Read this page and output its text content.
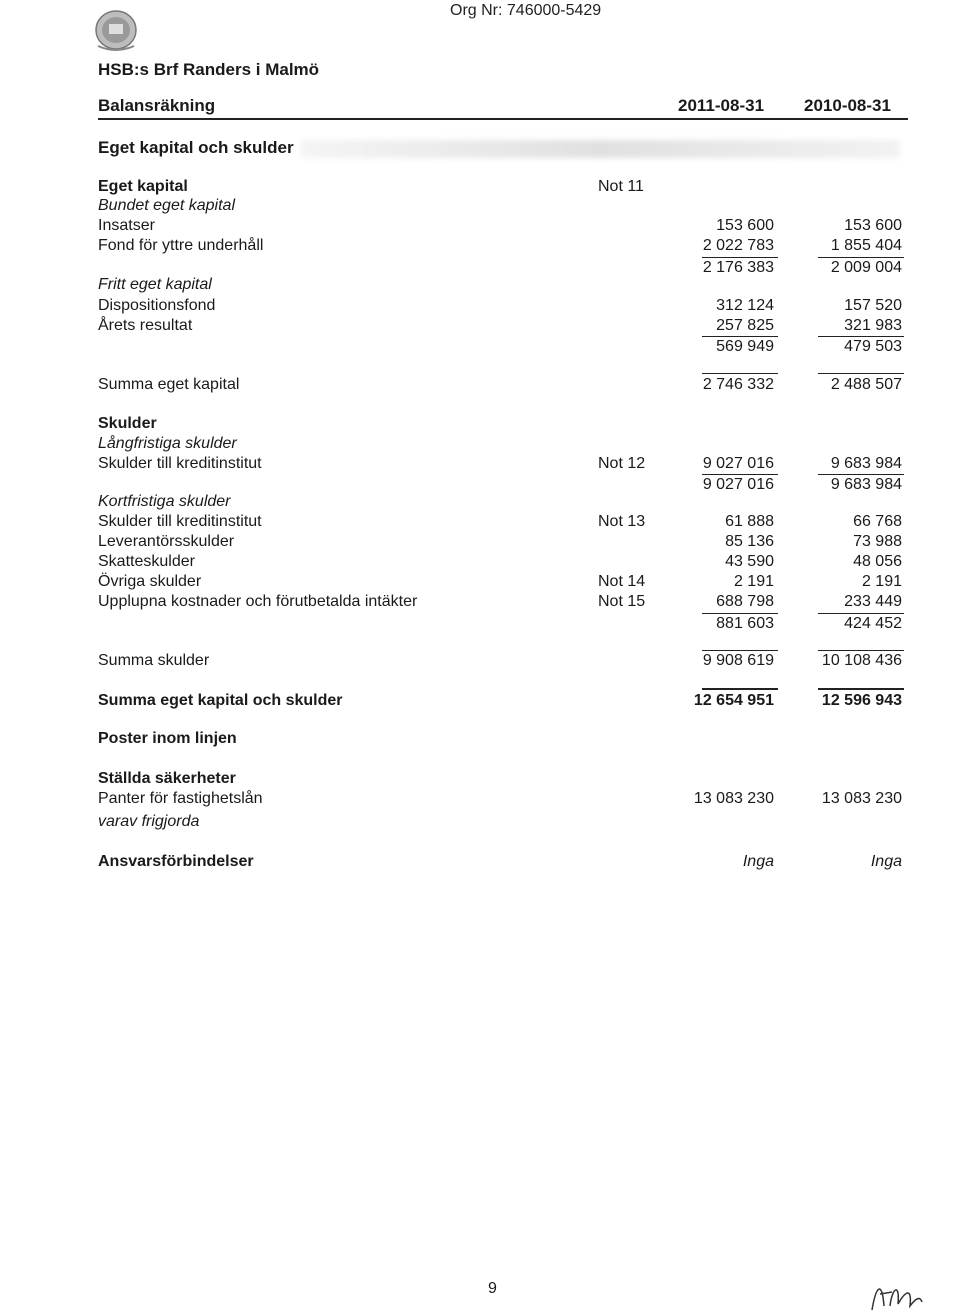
Org Nr: 746000-5429
HSB:s Brf Randers i Malmö
Balansräkning	2011-08-31 2010-08-31
Eget kapital och skulder
Eget kapital	Not 11
Bundet eget kapital
Insatser	153 600	153 600
Fond för yttre underhåll	2 022 783	1 855 404
2 176 383	2 009 004
Fritt eget kapital
Dispositionsfond	312 124	157 520
Årets resultat	257 825	321 983
569 949	479 503
Summa eget kapital	2 746 332	2 488 507
Skulder
Långfristiga skulder
Skulder till kreditinstitut	Not 12	9 027 016	9 683 984
9 027 016	9 683 984
Kortfristiga skulder
Skulder till kreditinstitut	Not 13	61 888	66 768
Leverantörsskulder	85 136	73 988
Skatteskulder	43 590	48 056
Övriga skulder	Not 14	2 191	2 191
Upplupna kostnader och förutbetalda intäkter	Not 15	688 798	233 449
881 603	424 452
Summa skulder	9 908 619	10 108 436
Summa eget kapital och skulder	12 654 951	12 596 943
Poster inom linjen
Ställda säkerheter
Panter för fastighetslån	13 083 230	13 083 230
varav frigjorda
Ansvarsförbindelser	Inga	Inga
9
